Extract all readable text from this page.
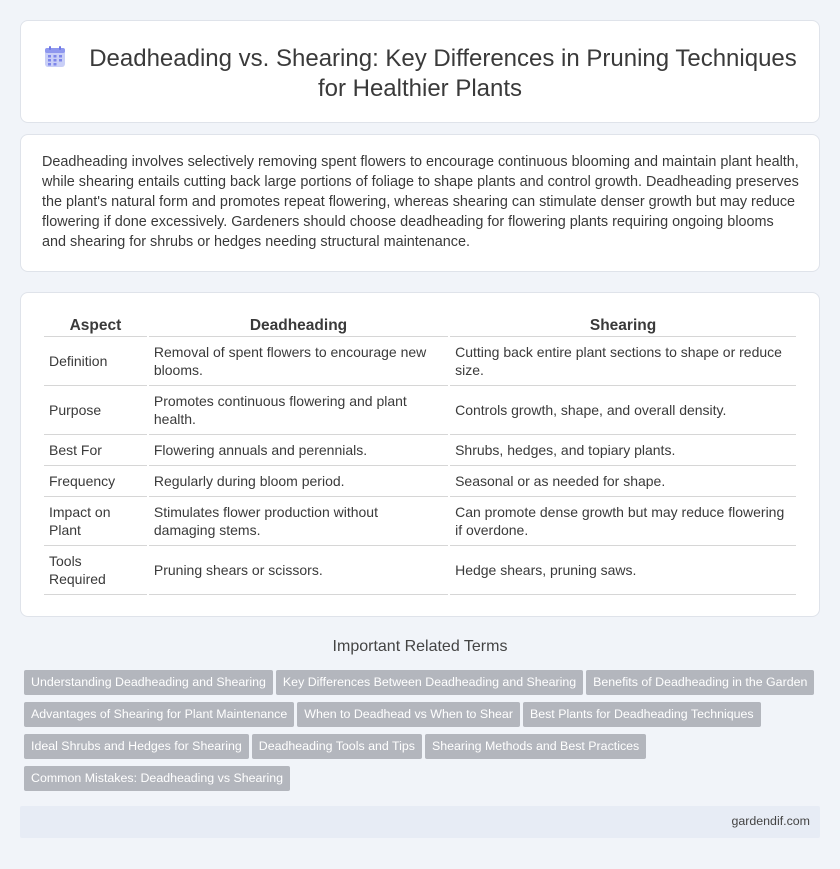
Deadheading vs. Shearing: Key Differences in Pruning Techniques for Healthier Plants

Deadheading involves selectively removing spent flowers to encourage continuous blooming and maintain plant health, while shearing entails cutting back large portions of foliage to shape plants and control growth. Deadheading preserves the plant's natural form and promotes repeat flowering, whereas shearing can stimulate denser growth but may reduce flowering if done excessively. Gardeners should choose deadheading for flowering plants requiring ongoing blooms and shearing for shrubs or hedges needing structural maintenance.

Aspect	Deadheading	Shearing
Definition	Removal of spent flowers to encourage new blooms.	Cutting back entire plant sections to shape or reduce size.
Purpose	Promotes continuous flowering and plant health.	Controls growth, shape, and overall density.
Best For	Flowering annuals and perennials.	Shrubs, hedges, and topiary plants.
Frequency	Regularly during bloom period.	Seasonal or as needed for shape.
Impact on Plant	Stimulates flower production without damaging stems.	Can promote dense growth but may reduce flowering if overdone.
Tools Required	Pruning shears or scissors.	Hedge shears, pruning saws.
Important Related Terms
Understanding Deadheading and Shearing Key Differences Between Deadheading and Shearing Benefits of Deadheading in the Garden
Advantages of Shearing for Plant Maintenance When to Deadhead vs When to Shear Best Plants for Deadheading Techniques
Ideal Shrubs and Hedges for Shearing Deadheading Tools and Tips Shearing Methods and Best Practices
Common Mistakes: Deadheading vs Shearing
gardendif.com
